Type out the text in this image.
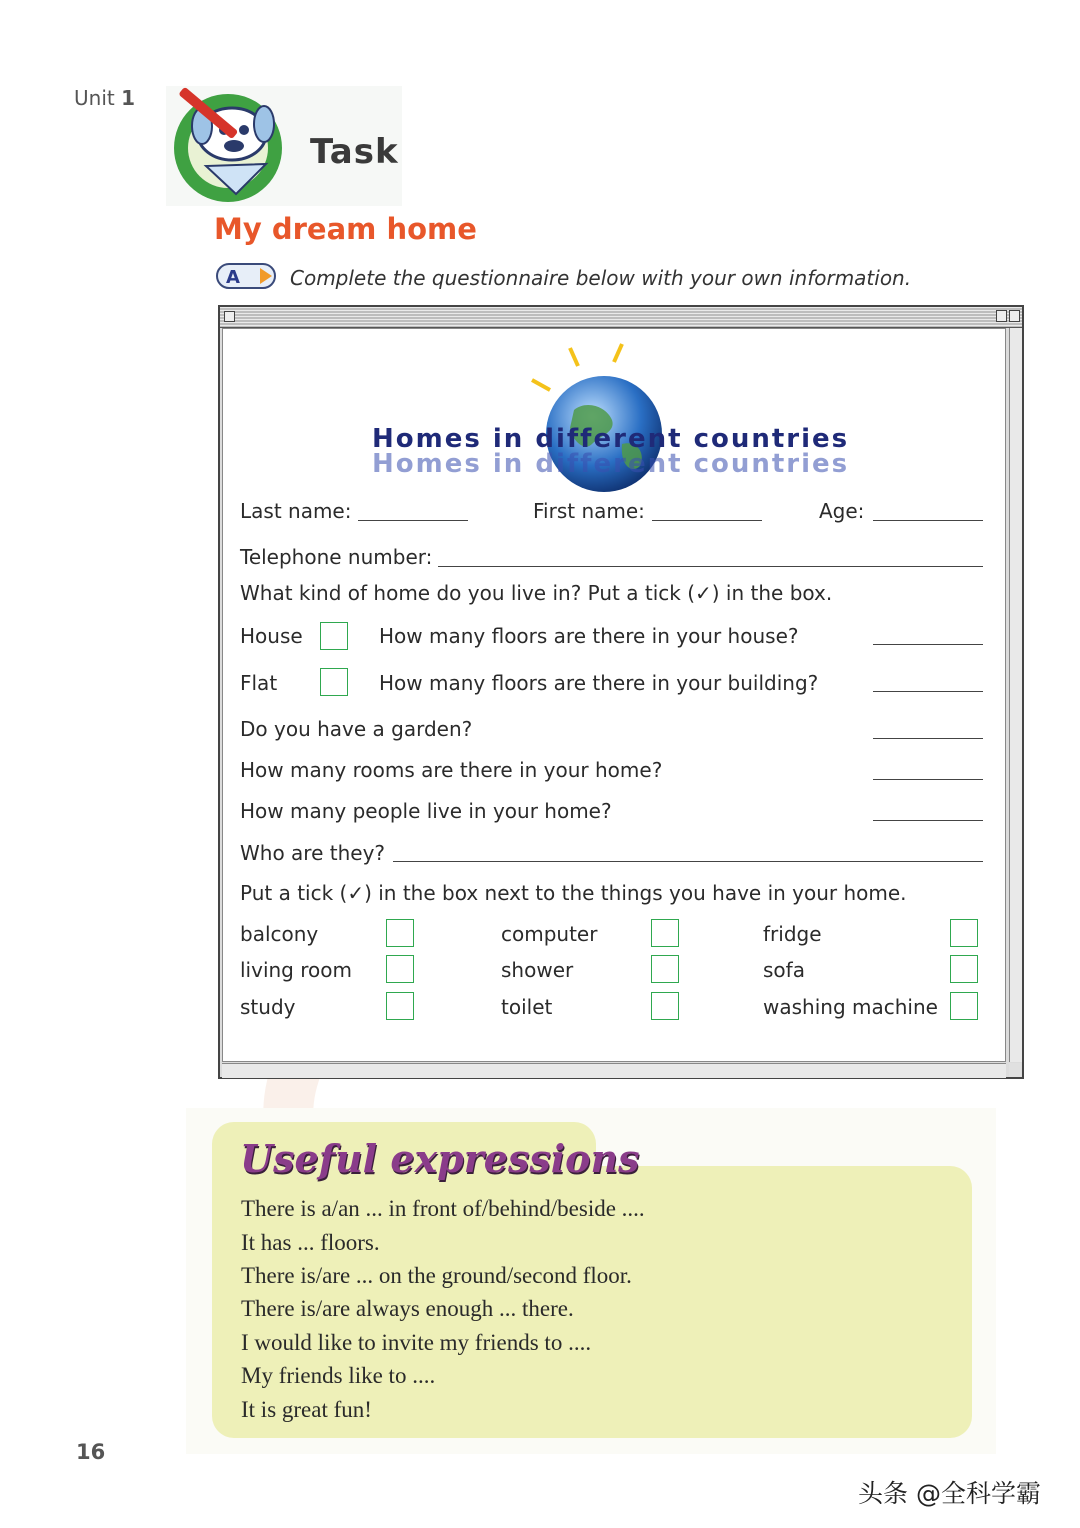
Unit 1
Task
My dream home
A	Complete the questionnaire below with your own information.
Homes in different countries
Homes in different countries
Last name:	First name:	Age:
Telephone number:
What kind of home do you live in? Put a tick (✓) in the box.
House	How many floors are there in your house?
Flat	How many floors are there in your building?
Do you have a garden?
How many rooms are there in your home?
How many people live in your home?
Who are they?
Put a tick (✓) in the box next to the things you have in your home.
balcony	computer	fridge
living room	shower	sofa
study	toilet	washing machine
Useful expressions
There is a/an ... in front of/behind/beside ....
It has ... floors.
There is/are ... on the ground/second floor.
There is/are always enough ... there.
I would like to invite my friends to ....
My friends like to ....
It is great fun!
16
头条 @全科学霸
